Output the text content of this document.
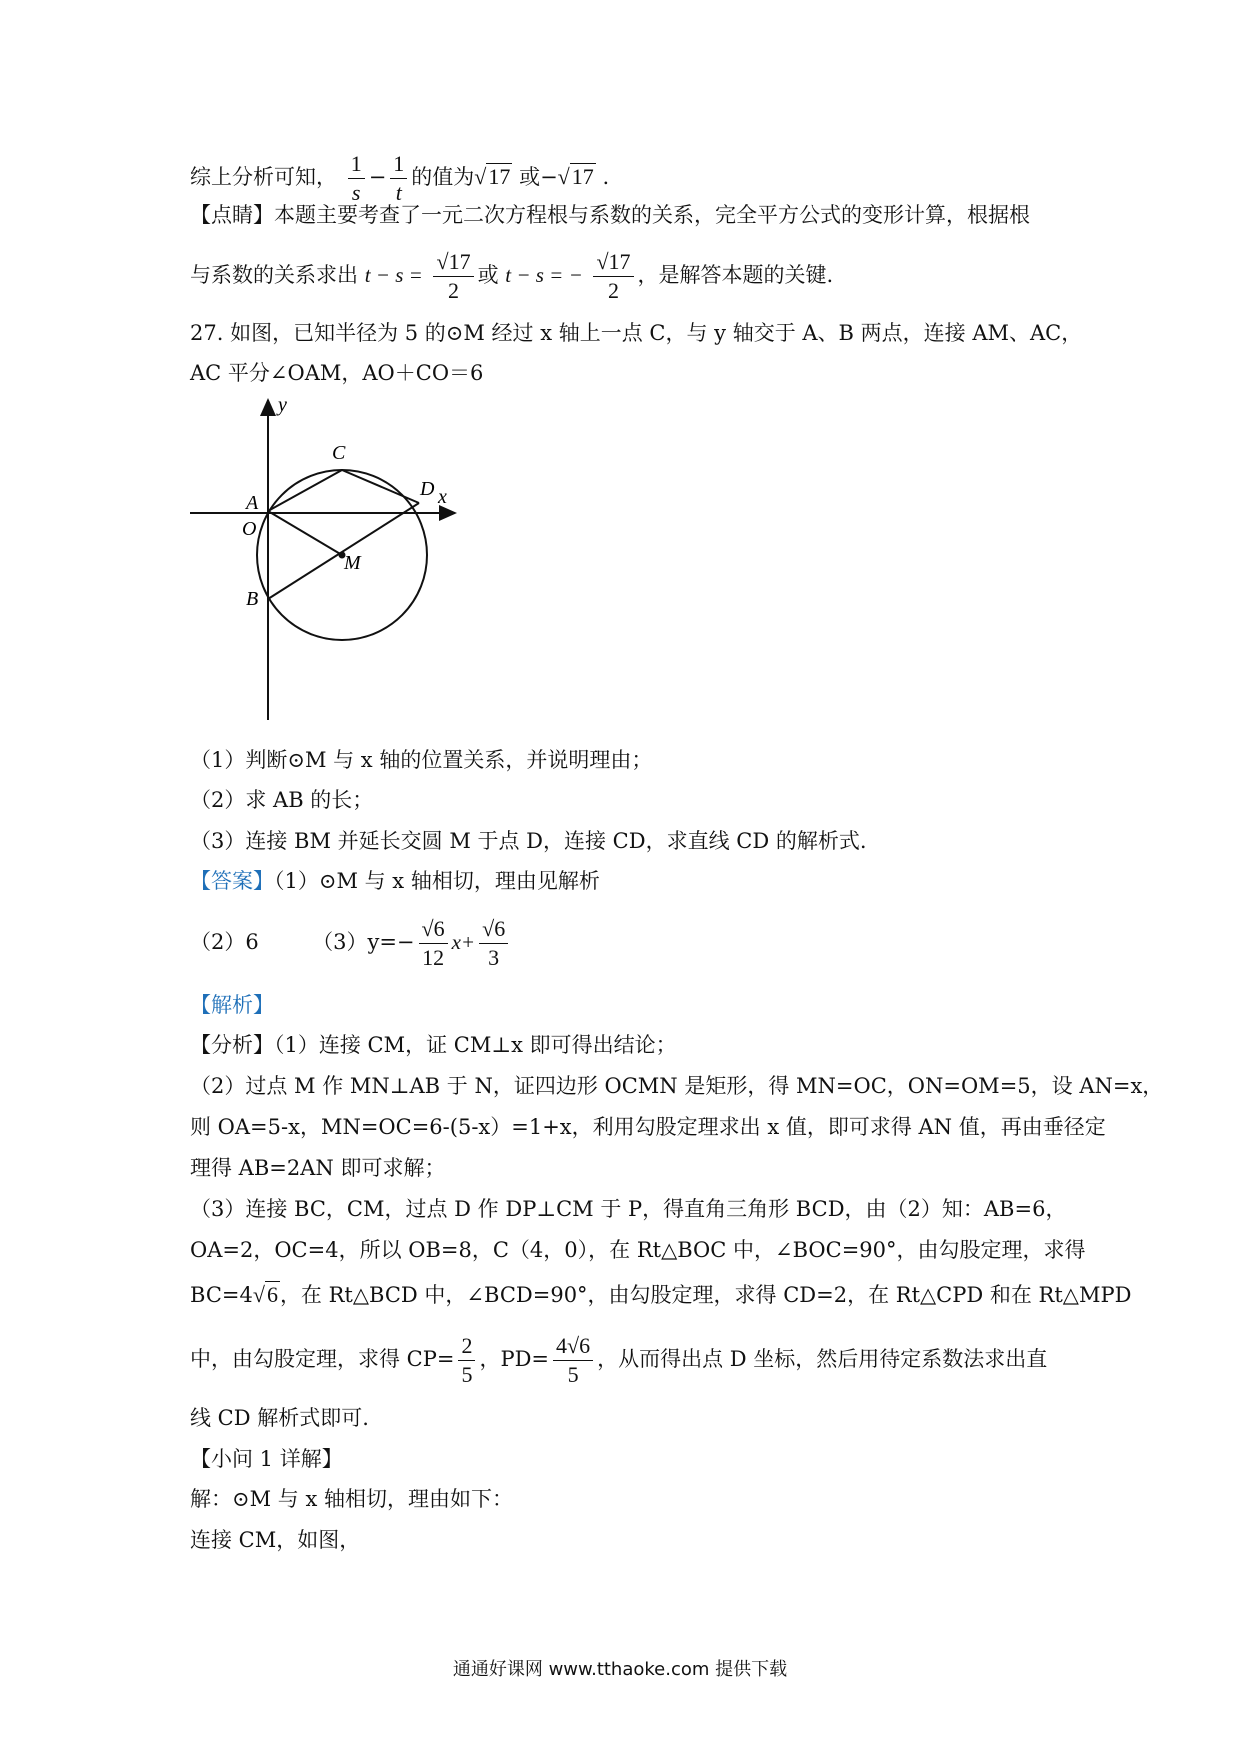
综上分析可知， $\frac{1}{s} - \frac{1}{t}$ 的值为√17 或−√17 .
【点睛】本题主要考查了一元二次方程根与系数的关系，完全平方公式的变形计算，根据根
与系数的关系求出 $t - s = \frac{√17}{2}$ 或 t − s = − $\frac{√17}{2}$ ，是解答本题的关键.
27. 如图，已知半径为 5 的⊙M 经过 x 轴上一点 C，与 y 轴交于 A、B 两点，连接 AM、AC，
AC 平分∠OAM，AO＋CO＝6
y
x
O
C
D
A
M
B
（1）判断⊙M 与 x 轴的位置关系，并说明理由；
（2）求 AB 的长；
（3）连接 BM 并延长交圆 M 于点 D，连接 CD，求直线 CD 的解析式.
【答案】（1）⊙M 与 x 轴相切，理由见解析
（2）6	$(3)y=- \frac{√6}{12} x+ \frac{√6}{3}$
【解析】
【分析】（1）连接 CM，证 CM⊥x 即可得出结论；
（2）过点 M 作 MN⊥AB 于 N，证四边形 OCMN 是矩形，得 MN=OC，ON=OM=5，设 AN=x，
则 OA=5-x，MN=OC=6-(5-x）=1+x，利用勾股定理求出 x 值，即可求得 AN 值，再由垂径定
理得 AB=2AN 即可求解；
（3）连接 BC，CM，过点 D 作 DP⊥CM 于 P，得直角三角形 BCD，由（2）知：AB=6，
OA=2，OC=4，所以 OB=8，C（4，0），在 Rt△BOC 中，∠BOC=90°，由勾股定理，求得
BC=4√6，在 Rt△BCD 中，∠BCD=90°，由勾股定理，求得 CD=2，在 Rt△CPD 和在 Rt△MPD
中，由勾股定理，求得 $CP= \frac{2}{5}$ ，$PD= \frac{4√6}{5}$ ，从而得出点 D 坐标，然后用待定系数法求出直
线 CD 解析式即可.
【小问 1 详解】
解：⊙M 与 x 轴相切，理由如下：
连接 CM，如图，
通通好课网 www.tthaoke.com 提供下载
